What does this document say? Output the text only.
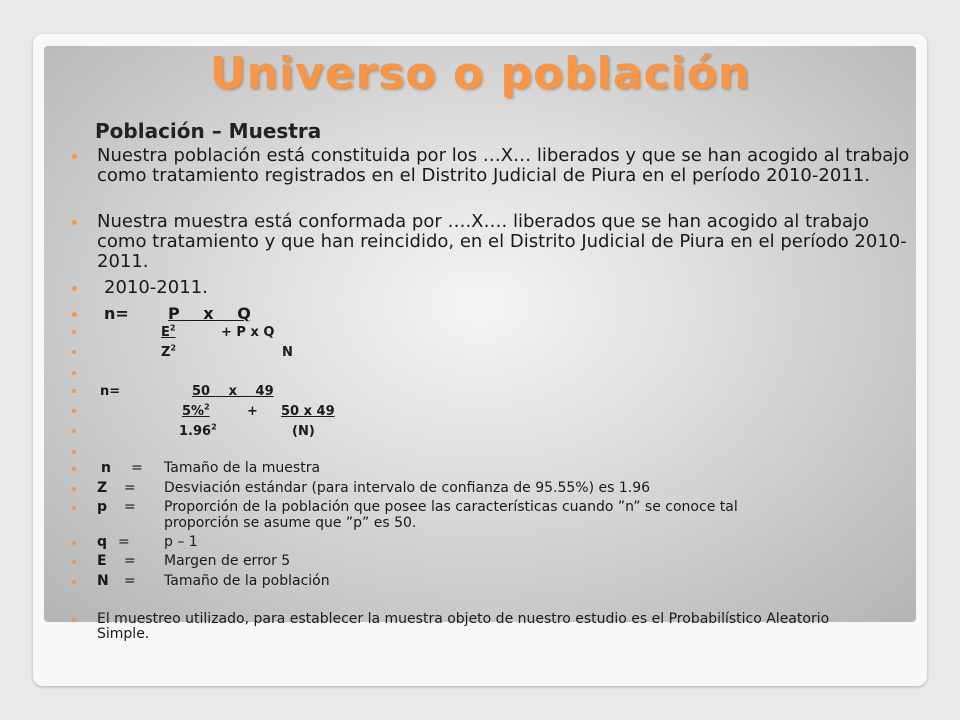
Universo o población
Población – Muestra
Nuestra población está constituida por los …X… liberados y que se han acogido al trabajo como tratamiento registrados en el Distrito Judicial de Piura en el período 2010-2011.
Nuestra muestra está conformada por ….X…. liberados que se han acogido al trabajo como tratamiento y que han reincidido, en el Distrito Judicial de Piura en el período 2010-2011.
2010-2011.
n= P x Q
$E^2$	+ P x Q
$Z^2$	N
n=	50 x 49
5%$^2$	+ 50 x 49
1.96$^2$	(N)
n = Tamaño de la muestra
Z = Desviación estándar (para intervalo de confianza de 95.55%) es 1.96
p = Proporción de la población que posee las características cuando ”n” se conoce tal
proporción se asume que ”p” es 50.
q = p – 1
E = Margen de error 5
N = Tamaño de la población
El muestreo utilizado, para establecer la muestra objeto de nuestro estudio es el Probabilístico Aleatorio Simple.
